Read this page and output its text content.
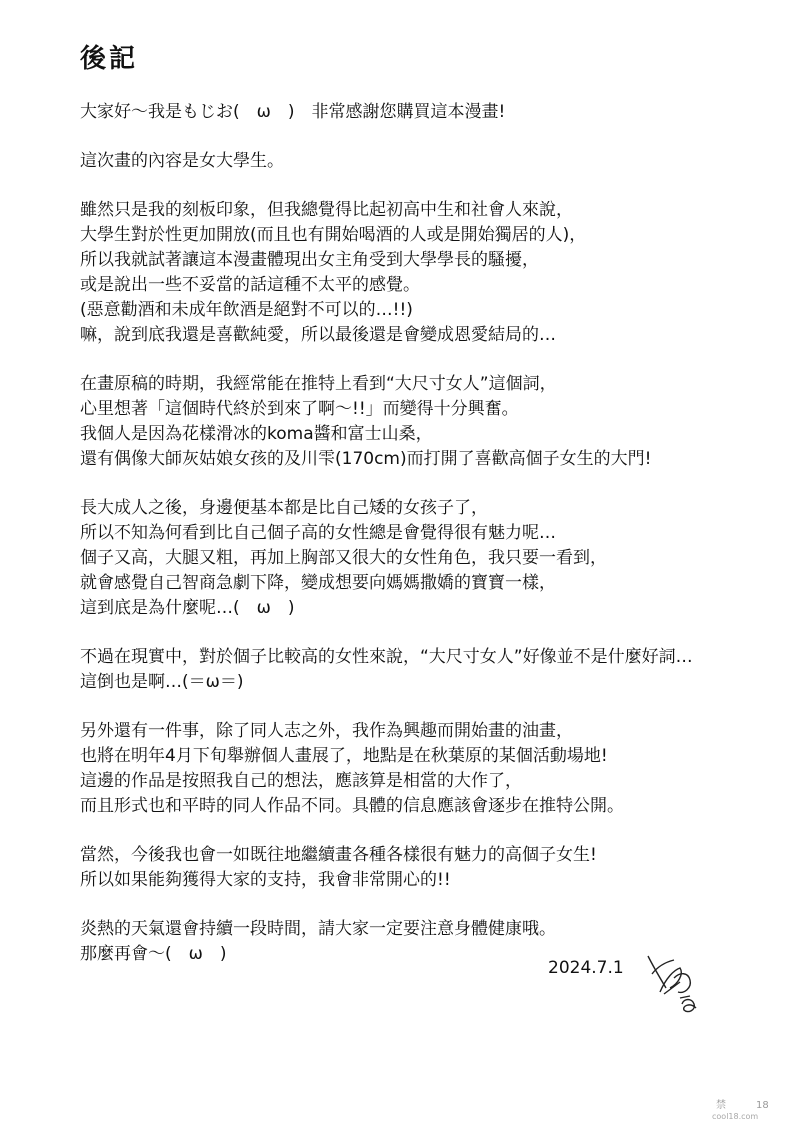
後記
大家好～我是もじお(　ω　)　非常感謝您購買這本漫畫!
這次畫的內容是女大學生。
雖然只是我的刻板印象，但我總覺得比起初高中生和社會人來說，
大學生對於性更加開放(而且也有開始喝酒的人或是開始獨居的人)，
所以我就試著讓這本漫畫體現出女主角受到大學學長的騷擾，
或是說出一些不妥當的話這種不太平的感覺。
(惡意勸酒和未成年飲酒是絕對不可以的…!!)
嘛，說到底我還是喜歡純愛，所以最後還是會變成恩愛結局的…
在畫原稿的時期，我經常能在推特上看到“大尺寸女人”這個詞，
心里想著「這個時代終於到來了啊～!!」而變得十分興奮。
我個人是因為花樣滑冰的koma醬和富士山桑，
還有偶像大師灰姑娘女孩的及川雫(170cm)而打開了喜歡高個子女生的大門!
長大成人之後，身邊便基本都是比自己矮的女孩子了，
所以不知為何看到比自己個子高的女性總是會覺得很有魅力呢…
個子又高，大腿又粗，再加上胸部又很大的女性角色，我只要一看到，
就會感覺自己智商急劇下降，變成想要向媽媽撒嬌的寶寶一樣，
這到底是為什麼呢…(　ω　)
不過在現實中，對於個子比較高的女性來說，“大尺寸女人”好像並不是什麼好詞…
這倒也是啊…(＝ω＝)
另外還有一件事，除了同人志之外，我作為興趣而開始畫的油畫，
也將在明年4月下旬舉辦個人畫展了，地點是在秋葉原的某個活動場地!
這邊的作品是按照我自己的想法，應該算是相當的大作了，
而且形式也和平時的同人作品不同。具體的信息應該會逐步在推特公開。
當然，今後我也會一如既往地繼續畫各種各樣很有魅力的高個子女生!
所以如果能夠獲得大家的支持，我會非常開心的!!
炎熱的天氣還會持續一段時間，請大家一定要注意身體健康哦。
那麼再會～(　ω　)
2024.7.1
禁	18
cool18.com
